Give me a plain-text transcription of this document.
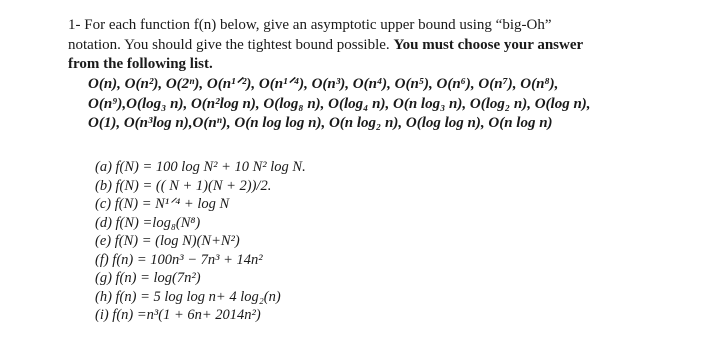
1- For each function f(n) below, give an asymptotic upper bound using “big-Oh”
notation. You should give the tightest bound possible. You must choose your answer
from the following list.
O(n), O(n²), O(2ⁿ), O(n¹ᐟ²), O(n¹ᐟ⁴), O(n³), O(n⁴), O(n⁵), O(n⁶), O(n⁷), O(n⁸),
O(n⁹),O(log₃ n), O(n²log n), O(log₈ n), O(log₄ n), O(n log₃ n), O(log₂ n), O(log n),
O(1), O(n³log n),O(nⁿ), O(n log log n), O(n log₂ n), O(log log n), O(n log n)
(a) f(N) = 100 log N² + 10 N² log N.
(b) f(N) = (( N + 1)(N + 2))/2.
(c) f(N) = N¹ᐟ⁴ + log N
(d) f(N) =log₈(N⁸)
(e) f(N) = (log N)(N+N²)
(f) f(n) = 100n³ − 7n³ + 14n²
(g) f(n) = log(7n²)
(h) f(n) = 5 log log n+ 4 log₂(n)
(i) f(n) =n³(1 + 6n+ 2014n²)
